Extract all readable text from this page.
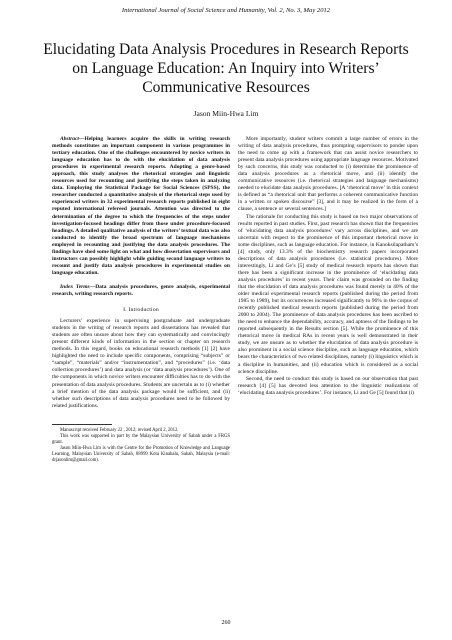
International Journal of Social Science and Humanity, Vol. 2, No. 3, May 2012
Elucidating Data Analysis Procedures in Research Reports
on Language Education: An Inquiry into Writers’
Communicative Resources
Jason Miin-Hwa Lim

Abstract—Helping learners acquire the skills in writing research methods constitutes an important component in various programmes in tertiary education. One of the challenges encountered by novice writers in language education has to do with the elucidation of data analysis procedures in experimental research reports. Adopting a genre-based approach, this study analyses the rhetorical strategies and linguistic resources used for recounting and justifying the steps taken in analyzing data. Employing the Statistical Package for Social Sciences (SPSS), the researcher conducted a quantitative analysis of the rhetorical steps used by experienced writers in 32 experimental research reports published in eight reputed international refereed journals. Attention was directed to the determination of the degree to which the frequencies of the steps under investigation-focused headings differ from those under procedure-focused headings. A detailed qualitative analysis of the writers’ textual data was also conducted to identify the broad spectrum of language mechanisms employed in recounting and justifying the data analysis procedures. The findings have shed some light on what and how dissertation supervisors and instructors can possibly highlight while guiding second language writers to recount and justify data analysis procedures in experimental studies on language education.

Index Terms—Data analysis procedures, genre analysis, experimental research, writing research reports.

I. Introduction

Lecturers’ experience in supervising postgraduate and undergraduate students in the writing of research reports and dissertations has revealed that students are often unsure about how they can systematically and convincingly present different kinds of information in the section or chapter on research methods. In this regard, books on educational research methods [1] [2] have highlighted the need to include specific components, comprising “subjects” or “sample”, “materials” and/or “instrumentation”, and “procedures” (i.e. ‘data collection procedures’) and data analysis (or ‘data analysis procedures’). One of the components in which novice writers encounter difficulties has to do with the presentation of data analysis procedures. Students are uncertain as to (i) whether a brief mention of the data analysis package would be sufficient, and (ii) whether such descriptions of data analysis procedures need to be followed by related justifications.

Manuscript received February 22 , 2012; revised April 2, 2012.

This work was supported in part by the Malaysian University of Sabah under a FRGS grant.

Jason Miin-Hwa Lim is with the Centre for the Promotion of Knowledge and Language Learning, Malaysian University of Sabah, 88999 Kota Kinabalu, Sabah, Malaysia (e-mail: drjasonlim@gmail.com).

More importantly, student writers commit a large number of errors in the writing of data analysis procedures, thus prompting supervisors to ponder upon the need to come up with a framework that can assist novice researchers to present data analysis procedures using appropriate language resources. Motivated by such concerns, this study was conducted to (i) determine the prominence of data analysis procedures as a rhetorical move, and (ii) identify the communicative resources (i.e. rhetorical strategies and language mechanisms) needed to elucidate data analysis procedures. [A ‘rhetorical move’ in this context is defined as “a rhetorical unit that performs a coherent communicative function in a written or spoken discourse” [3], and it may be realized in the form of a clause, a sentence or several sentences.]

The rationale for conducting this study is based on two major observations of results reported in past studies. First, past research has shown that the frequencies of ‘elucidating data analysis procedures’ vary across disciplines, and we are uncertain with respect to the prominence of this important rhetorical move in some disciplines, such as language education. For instance, in Kanoksilapatham’s [4] study, only 13.3% of the biochemistry research papers incorporated descriptions of data analysis procedures (i.e. statistical procedures). More interestingly, Li and Ge’s [5] study of medical research reports has shown that there has been a significant increase in the prominence of ‘elucidating data analysis procedures’ in recent years. Their claim was grounded on the finding that the elucidation of data analysis procedures was found merely in 40% of the older medical experimental research reports (published during the period from 1985 to 1989), but its occurrences increased significantly to 96% in the corpus of recently published medical research reports (published during the period from 2000 to 2004). The prominence of data analysis procedures has been ascribed to the need to enhance the dependability, accuracy, and aptness of the findings to be reported subsequently in the Results section [5]. While the prominence of this rhetorical move in medical RAs in recent years is well demonstrated in their study, we are unsure as to whether the elucidation of data analysis procedure is also prominent in a social science discipline, such as language education, which bears the characteristics of two related disciplines, namely (i) linguistics which is a discipline in humanities, and (ii) education which is considered as a social science discipline.

Second, the need to conduct this study is based on our observation that past research [4] [5] has devoted less attention to the linguistic realizations of ‘elucidating data analysis procedures’. For instance, Li and Ge [5] found that (i)

260
